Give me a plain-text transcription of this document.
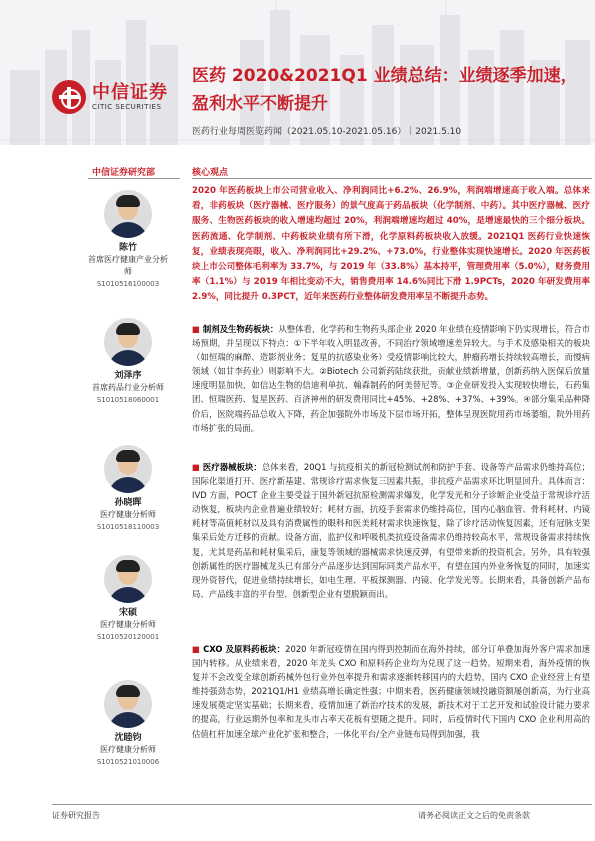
中信证券
CITIC SECURITIES
医药 2020&2021Q1 业绩总结：业绩逐季加速，盈利水平不断提升
医药行业每周医览药闻（2021.05.10-2021.05.16）｜2021.5.10
中信证券研究部	核心观点
陈竹
首席医疗健康产业分析师
S1010516100003
刘泽序
首席药品行业分析师
S1010518060001
孙晓晖
医疗健康分析师
S1010518110003
宋硕
医疗健康分析师
S1010520120001
沈睦钧
医疗健康分析师
S1010521010006
2020 年医药板块上市公司营业收入、净利润同比+6.2%、26.9%，利润端增速高于收入端。总体来看，非药板块（医疗器械、医疗服务）的景气度高于药品板块（化学制剂、中药）。其中医疗器械、医疗服务、生物医药板块的收入增速均超过 20%，利润端增速均超过 40%，是增速最快的三个细分板块。医药流通、化学制剂、中药板块业绩有所下滑，化学原料药板块收入放缓。2021Q1 医药行业快速恢复，业绩表现亮眼，收入、净利润同比+29.2%、+73.0%，行业整体实现快速增长。2020 年医药板块上市公司整体毛利率为 33.7%，与 2019 年（33.8%）基本持平，管理费用率（5.0%），财务费用率（1.1%）与 2019 年相比变动不大，销售费用率 14.6%同比下滑 1.9PCTs，2020 年研发费用率 2.9%，同比提升 0.3PCT，近年来医药行业整体研发费用率呈不断提升态势。
■ 制剂及生物药板块：从整体看，化学药和生物药头部企业 2020 年业绩在疫情影响下仍实现增长，符合市场预期，并呈现以下特点：①下半年收入明显改善，不同治疗领域增速差异较大。与手术及感染相关的板块（如恒瑞的麻醉、造影剂业务；复星的抗感染业务）受疫情影响比较大，肿瘤药增长持续较高增长，而慢病领域（如甘李药业）则影响不大。②Biotech 公司新药陆续获批，贡献业绩新增量，创新药纳入医保后放量速度明显加快，如信达生物的信迪利单抗、翰森制药的阿美替尼等。③企业研发投入实现较快增长，石药集团、恒瑞医药、复星医药、百济神州的研发费用同比+45%、+28%、+37%、+39%。④部分集采品种降价后，医院端药品总收入下降，药企加强院外市场及下层市场开拓，整体呈现医院用药市场萎缩，院外用药市场扩张的局面。
■ 医疗器械板块：总体来看，20Q1 与抗疫相关的新冠检测试剂和防护手套、设备等产品需求仍维持高位；国际化渠道打开、医疗新基建、常规诊疗需求恢复三因素共振，非抗疫产品需求环比明显回升。具体而言：IVD 方面，POCT 企业主要受益于国外新冠抗原检测需求爆发，化学发光和分子诊断企业受益于常规诊疗活动恢复，板块内企业普遍业绩较好；耗材方面，抗疫手套需求仍维持高位，国内心脑血管、骨科耗材、内镜耗材等高值耗材以及具有消费属性的眼科和医美耗材需求快速恢复，除了诊疗活动恢复因素，还有冠脉支架集采后处方迁移的贡献。设备方面，监护仪和呼吸机类抗疫设备需求仍维持较高水平，常规设备需求持续恢复，尤其是药品和耗材集采后，康复等领域的器械需求快速反弹，有望带来新的投资机会。另外，具有较强创新属性的医疗器械龙头已有部分产品逐步达到国际同类产品水平，有望在国内外业务恢复的同时，加速实现外资替代，促进业绩持续增长，如电生理、平板探测器、内镜、化学发光等。长期来看，具备创新产品布局、产品线丰富的平台型、创新型企业有望脱颖而出。
■ CXO 及原料药板块：2020 年新冠疫情在国内得到控制而在海外持续，部分订单叠加海外客户需求加速国内转移。从业绩来看，2020 年龙头 CXO 和原料药企业均为兑现了这一趋势。短期来看，海外疫情的恢复并不会改变全球创新药械外包行业外包率提升和需求逐渐转移国内的大趋势，国内 CXO 企业经营上有望维持强劲态势，2021Q1/H1 业绩高增长确定性强；中期来看，医药健康领域投融资额屡创新高，为行业高速发展奠定坚实基础；长期来看，疫情加速了新治疗技术的发展，新技术对于工艺开发和试验设计能力要求的提高，行业远期外包率和龙头市占率天花板有望随之提升。同时，后疫情时代下国内 CXO 企业利用高的估值杠杆加速全球产业化扩张和整合，一体化平台/全产业链布局得到加强，我
证券研究报告	请务必阅读正文之后的免责条款
